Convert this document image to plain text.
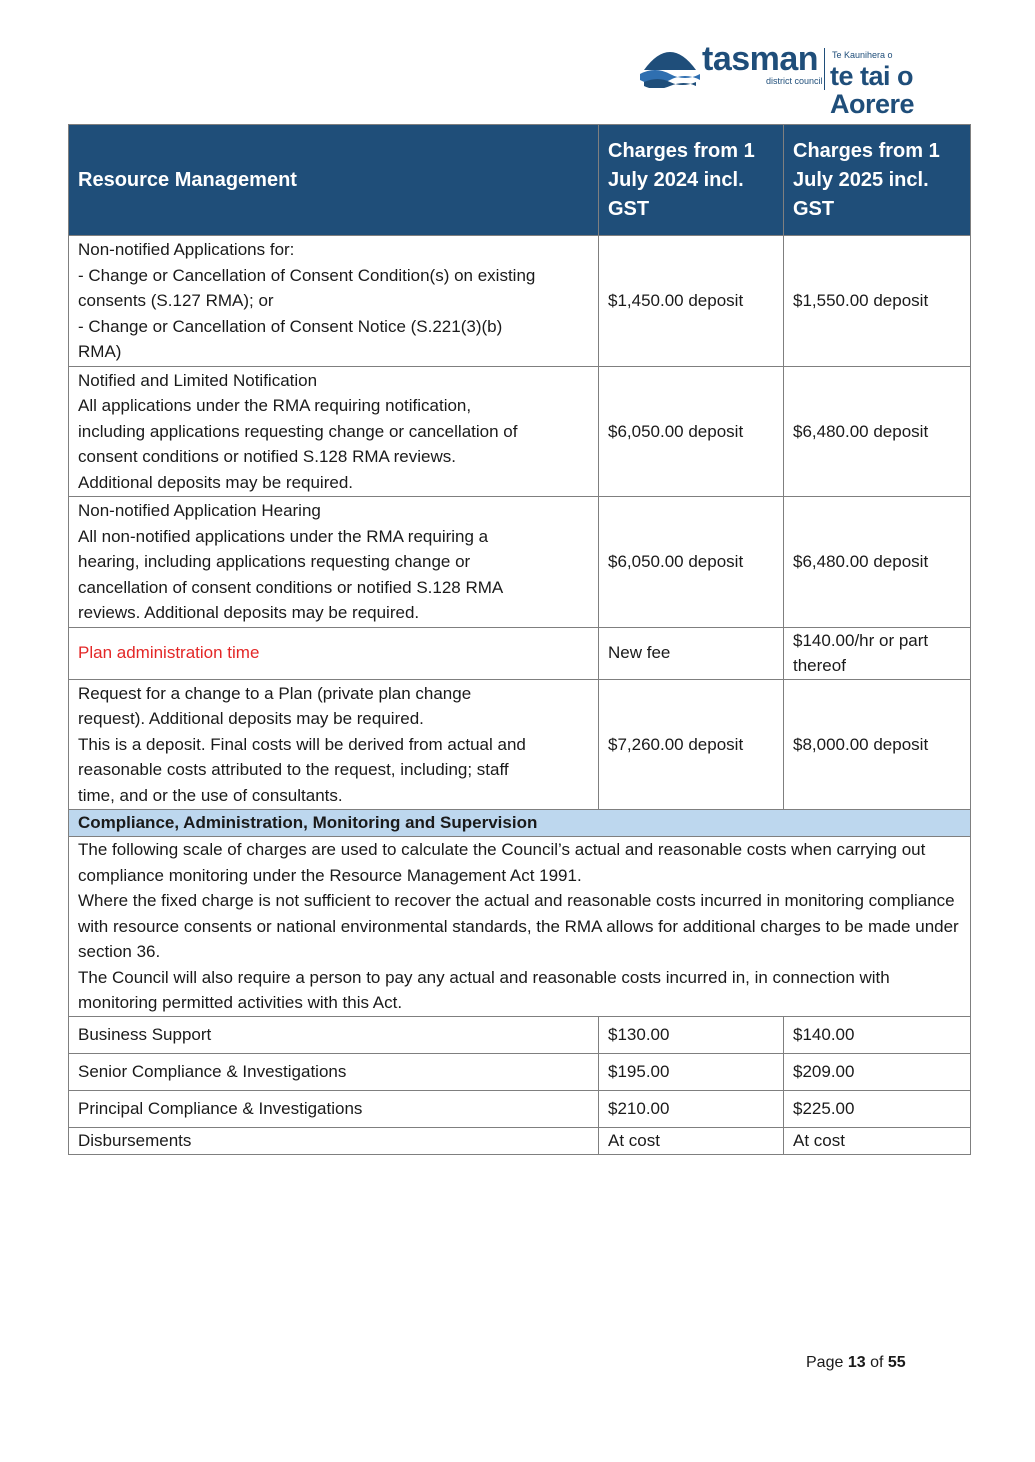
tasman
district council
Te Kaunihera o
te tai o Aorere
Resource Management	Charges from 1 July 2024 incl. GST	Charges from 1 July 2025 incl. GST

Non-notified Applications for:
- Change or Cancellation of Consent Condition(s) on existing
consents (S.127 RMA); or
- Change or Cancellation of Consent Notice (S.221(3)(b)
RMA)	$1,450.00 deposit	$1,550.00 deposit

Notified and Limited Notification
All applications under the RMA requiring notification,
including applications requesting change or cancellation of
consent conditions or notified S.128 RMA reviews.
Additional deposits may be required.	$6,050.00 deposit	$6,480.00 deposit

Non-notified Application Hearing
All non-notified applications under the RMA requiring a
hearing, including applications requesting change or
cancellation of consent conditions or notified S.128 RMA
reviews. Additional deposits may be required.	$6,050.00 deposit	$6,480.00 deposit
Plan administration time	New fee	$140.00/hr or part thereof

Request for a change to a Plan (private plan change
request). Additional deposits may be required.
This is a deposit. Final costs will be derived from actual and
reasonable costs attributed to the request, including; staff
time, and or the use of consultants.	$7,260.00 deposit	$8,000.00 deposit
Compliance, Administration, Monitoring and Supervision		

The following scale of charges are used to calculate the Council’s actual and reasonable costs when carrying out compliance monitoring under the Resource Management Act 1991.
Where the fixed charge is not sufficient to recover the actual and reasonable costs incurred in monitoring compliance with resource consents or national environmental standards, the RMA allows for additional charges to be made under section 36.
The Council will also require a person to pay any actual and reasonable costs incurred in, in connection with monitoring permitted activities with this Act.		

Business Support	$130.00	$140.00
Senior Compliance & Investigations	$195.00	$209.00
Principal Compliance & Investigations	$210.00	$225.00
Disbursements	At cost	At cost
Page 13 of 55
